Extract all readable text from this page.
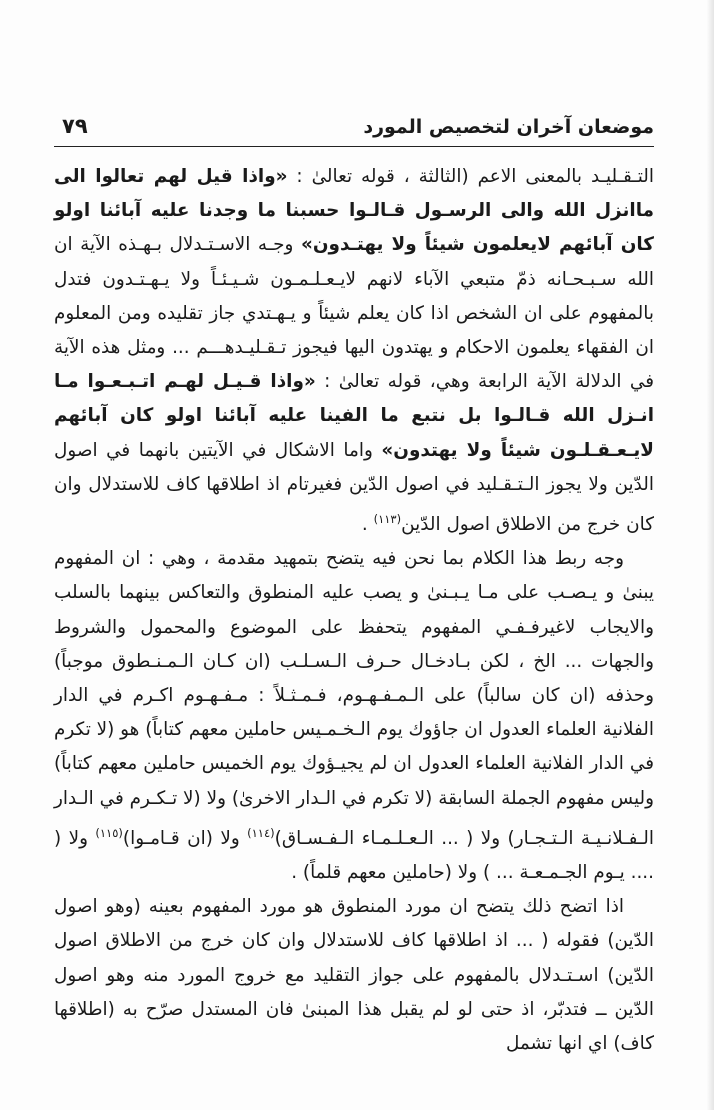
موضعان آخران لتخصيص المورد
٧٩

التـقـليـد بالمعنى الاعم (الثالثة ، قوله تعالىٰ : «واذا قيل لهم تعالوا الى ماانزل الله والى الرسـول قـالـوا حسبنا ما وجدنا عليه آبائنا اولو كان آبائهم لايعلمون شيئاً ولا يهتـدون» وجـه الاسـتـدلال بـهـذه الآية ان الله سـبـحـانه ذمّ متبعي الآباء لانهم لايـعـلـمـون شـيـئـاً ولا يـهـتـدون فتدل بالمفهوم على ان الشخص اذا كان يعلم شيئاً و يـهـتدي جاز تقليده ومن المعلوم ان الفقهاء يعلمون الاحكام و يهتدون اليها فيجوز تـقـليـدهـــم ... ومثل هذه الآية في الدلالة الآية الرابعة وهي، قوله تعالىٰ : «واذا قـيـل لهـم اتـبـعـوا مـا انـزل الله قـالـوا بل نتبع ما الفينا عليه آبائنا اولو كان آبائهم لايـعـقـلـون شيئاً ولا يهتدون» واما الاشكال في الآيتين بانهما في اصول الدّين ولا يجوز الـتـقـليد في اصول الدّين فغيرتام اذ اطلاقها كاف للاستدلال وان كان خرج من الاطلاق اصول الدّين$^{(١١٣)}$ .

وجه ربط هذا الكلام بما نحن فيه يتضح بتمهيد مقدمة ، وهي : ان المفهوم يبنىٰ و يـصـب على مـا يـبـنىٰ و يصب عليه المنطوق والتعاكس بينهما بالسلب والايجاب لاغيرفـفـي المفهوم يتحفظ على الموضوع والمحمول والشروط والجهات ... الخ ، لكن بـادخـال حـرف الـسـلـب (ان كـان الـمـنـطوق موجباً) وحذفه (ان كان سالباً) على الـمـفـهـوم، فـمـثـلاً : مـفـهـوم اكـرم في الدار الفلانية العلماء العدول ان جاؤوك يوم الـخـمـيس حاملين معهم كتاباً) هو (لا تكرم في الدار الفلانية العلماء العدول ان لم يجيـؤوك يوم الخميس حاملين معهم كتاباً) وليس مفهوم الجملة السابقة (لا تكرم في الـدار الاخرىٰ) ولا (لا تـكـرم في الـدار الـفـلانـيـة الـتـجـار) ولا ( ... الـعـلـمـاء الـفـسـاق)$^{(١١٤)}$ ولا (ان قـامـوا)$^{(١١٥)}$ ولا ( .... يـوم الجـمـعـة ... ) ولا (حاملين معهم قلماً) .

اذا اتضح ذلك يتضح ان مورد المنطوق هو مورد المفهوم بعينه (وهو اصول الدّين) فقوله ( ... اذ اطلاقها كاف للاستدلال وان كان خرج من الاطلاق اصول الدّين) اسـتـدلال بالمفهوم على جواز التقليد مع خروج المورد منه وهو اصول الدّين ــ فتدبّر، اذ حتى لو لم يقبل هذا المبنىٰ فان المستدل صرّح به (اطلاقها كاف) اي انها تشمل
